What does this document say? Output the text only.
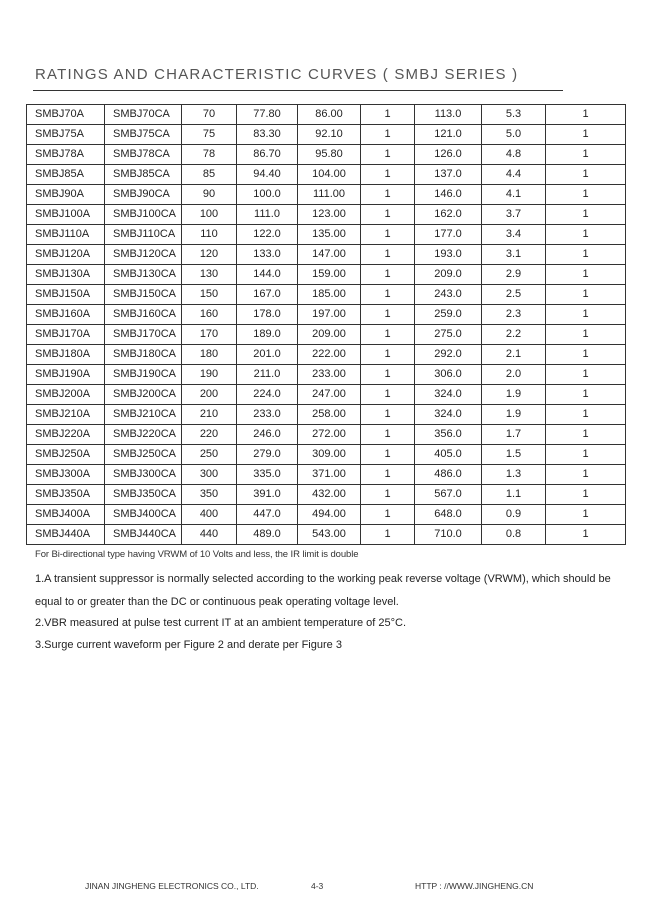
RATINGS AND CHARACTERISTIC CURVES ( SMBJ SERIES )
SMBJ70A	SMBJ70CA	70	77.80	86.00	1	113.0	5.3	1
SMBJ75A	SMBJ75CA	75	83.30	92.10	1	121.0	5.0	1
SMBJ78A	SMBJ78CA	78	86.70	95.80	1	126.0	4.8	1
SMBJ85A	SMBJ85CA	85	94.40	104.00	1	137.0	4.4	1
SMBJ90A	SMBJ90CA	90	100.0	111.00	1	146.0	4.1	1
SMBJ100A	SMBJ100CA	100	111.0	123.00	1	162.0	3.7	1
SMBJ110A	SMBJ110CA	110	122.0	135.00	1	177.0	3.4	1
SMBJ120A	SMBJ120CA	120	133.0	147.00	1	193.0	3.1	1
SMBJ130A	SMBJ130CA	130	144.0	159.00	1	209.0	2.9	1
SMBJ150A	SMBJ150CA	150	167.0	185.00	1	243.0	2.5	1
SMBJ160A	SMBJ160CA	160	178.0	197.00	1	259.0	2.3	1
SMBJ170A	SMBJ170CA	170	189.0	209.00	1	275.0	2.2	1
SMBJ180A	SMBJ180CA	180	201.0	222.00	1	292.0	2.1	1
SMBJ190A	SMBJ190CA	190	211.0	233.00	1	306.0	2.0	1
SMBJ200A	SMBJ200CA	200	224.0	247.00	1	324.0	1.9	1
SMBJ210A	SMBJ210CA	210	233.0	258.00	1	324.0	1.9	1
SMBJ220A	SMBJ220CA	220	246.0	272.00	1	356.0	1.7	1
SMBJ250A	SMBJ250CA	250	279.0	309.00	1	405.0	1.5	1
SMBJ300A	SMBJ300CA	300	335.0	371.00	1	486.0	1.3	1
SMBJ350A	SMBJ350CA	350	391.0	432.00	1	567.0	1.1	1
SMBJ400A	SMBJ400CA	400	447.0	494.00	1	648.0	0.9	1
SMBJ440A	SMBJ440CA	440	489.0	543.00	1	710.0	0.8	1
For Bi-directional type having VRWM of 10 Volts and less, the IR limit is double
1.A transient suppressor is normally selected according to the working peak reverse voltage (VRWM), which should be
equal to or greater than the DC or continuous peak operating voltage level.
2.VBR measured at pulse test current IT at an ambient temperature of 25°C.
3.Surge current waveform per Figure 2 and derate per Figure 3
JINAN JINGHENG ELECTRONICS CO., LTD.	4-3	HTTP : //WWW.JINGHENG.CN
